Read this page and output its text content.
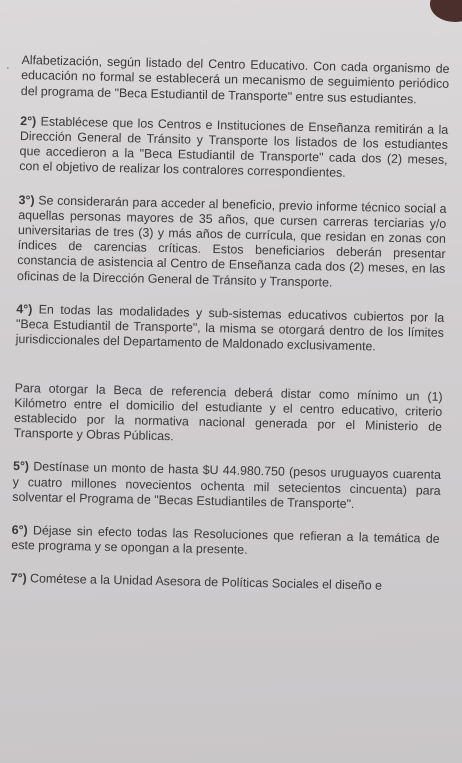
· Alfabetización, según listado del Centro Educativo. Con cada organismo de educación no formal se establecerá un mecanismo de seguimiento periódico del programa de "Beca Estudiantil de Transporte" entre sus estudiantes.

2°) Establécese que los Centros e Instituciones de Enseñanza remitirán a la Dirección General de Tránsito y Transporte los listados de los estudiantes que accedieron a la "Beca Estudiantil de Transporte" cada dos (2) meses, con el objetivo de realizar los contralores correspondientes.

3°) Se considerarán para acceder al beneficio, previo informe técnico social a aquellas personas mayores de 35 años, que cursen carreras terciarias y/o universitarias de tres (3) y más años de currícula, que residan en zonas con índices de carencias críticas. Estos beneficiarios deberán presentar constancia de asistencia al Centro de Enseñanza cada dos (2) meses, en las oficinas de la Dirección General de Tránsito y Transporte.

4°) En todas las modalidades y sub-sistemas educativos cubiertos por la "Beca Estudiantil de Transporte", la misma se otorgará dentro de los límites jurisdiccionales del Departamento de Maldonado exclusivamente.

Para otorgar la Beca de referencia deberá distar como mínimo un (1) Kilómetro entre el domicilio del estudiante y el centro educativo, criterio establecido por la normativa nacional generada por el Ministerio de Transporte y Obras Públicas.

5°) Destínase un monto de hasta $U 44.980.750 (pesos uruguayos cuarenta y cuatro millones novecientos ochenta mil setecientos cincuenta) para solventar el Programa de "Becas Estudiantiles de Transporte".

6°) Déjase sin efecto todas las Resoluciones que refieran a la temática de este programa y se opongan a la presente.

7°) Cométese a la Unidad Asesora de Políticas Sociales el diseño e
